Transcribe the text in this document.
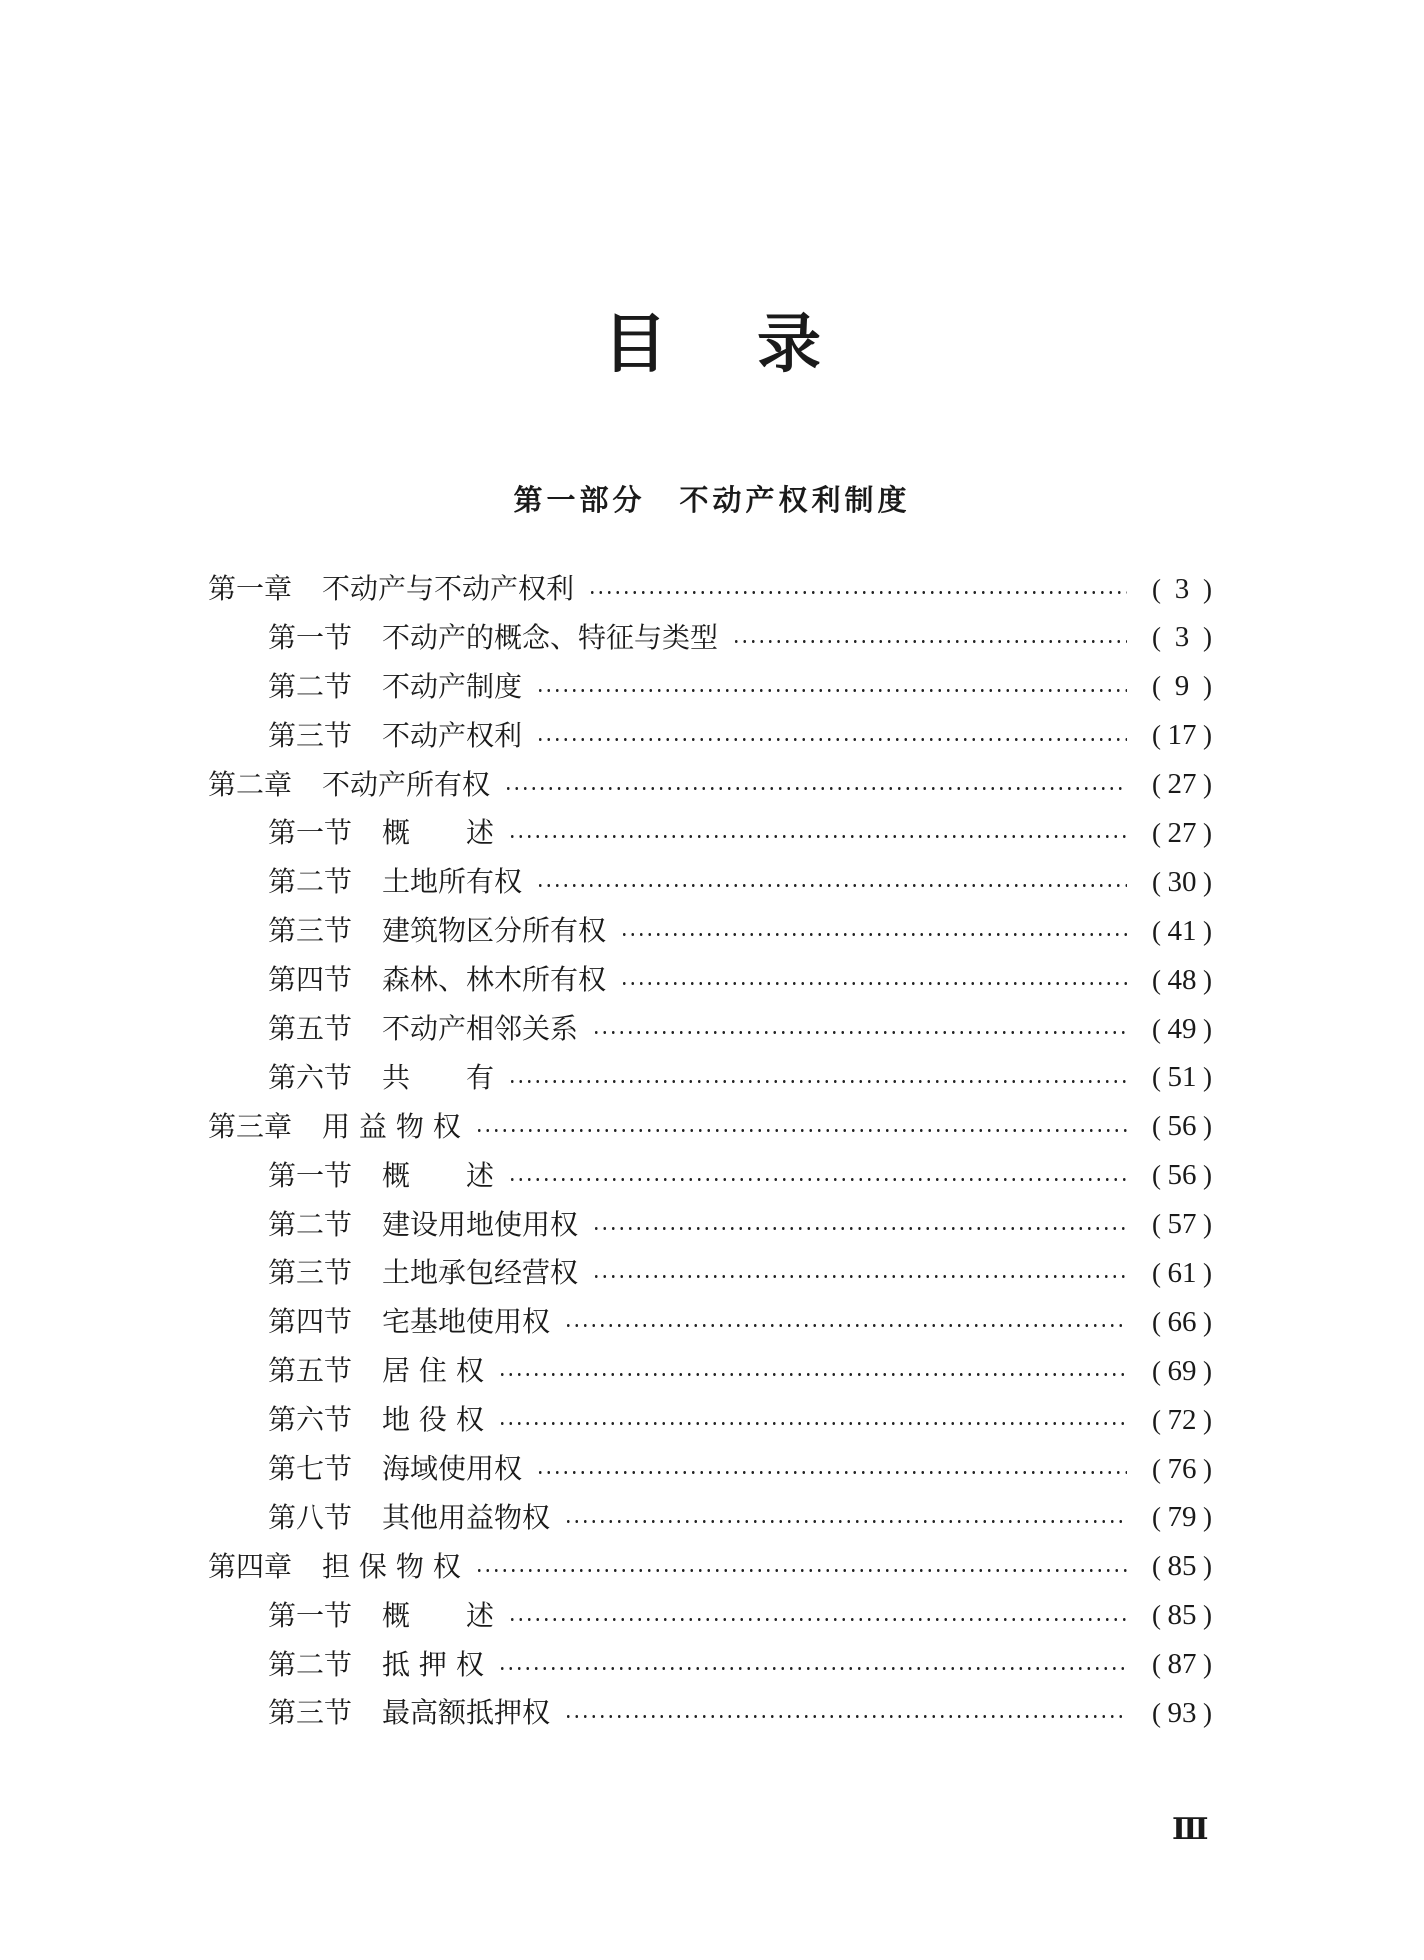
目 录
第一部分 不动产权利制度
第一章 不动产与不动产权利	( 3 )
第一节 不动产的概念、特征与类型	( 3 )
第二节 不动产制度	( 9 )
第三节 不动产权利	( 17 )
第二章 不动产所有权	( 27 )
第一节 概　　述	( 27 )
第二节 土地所有权	( 30 )
第三节 建筑物区分所有权	( 41 )
第四节 森林、林木所有权	( 48 )
第五节 不动产相邻关系	( 49 )
第六节 共　　有	( 51 )
第三章 用 益 物 权	( 56 )
第一节 概　　述	( 56 )
第二节 建设用地使用权	( 57 )
第三节 土地承包经营权	( 61 )
第四节 宅基地使用权	( 66 )
第五节 居 住 权	( 69 )
第六节 地 役 权	( 72 )
第七节 海域使用权	( 76 )
第八节 其他用益物权	( 79 )
第四章 担 保 物 权	( 85 )
第一节 概　　述	( 85 )
第二节 抵 押 权	( 87 )
第三节 最高额抵押权	( 93 )
Ⅲ
